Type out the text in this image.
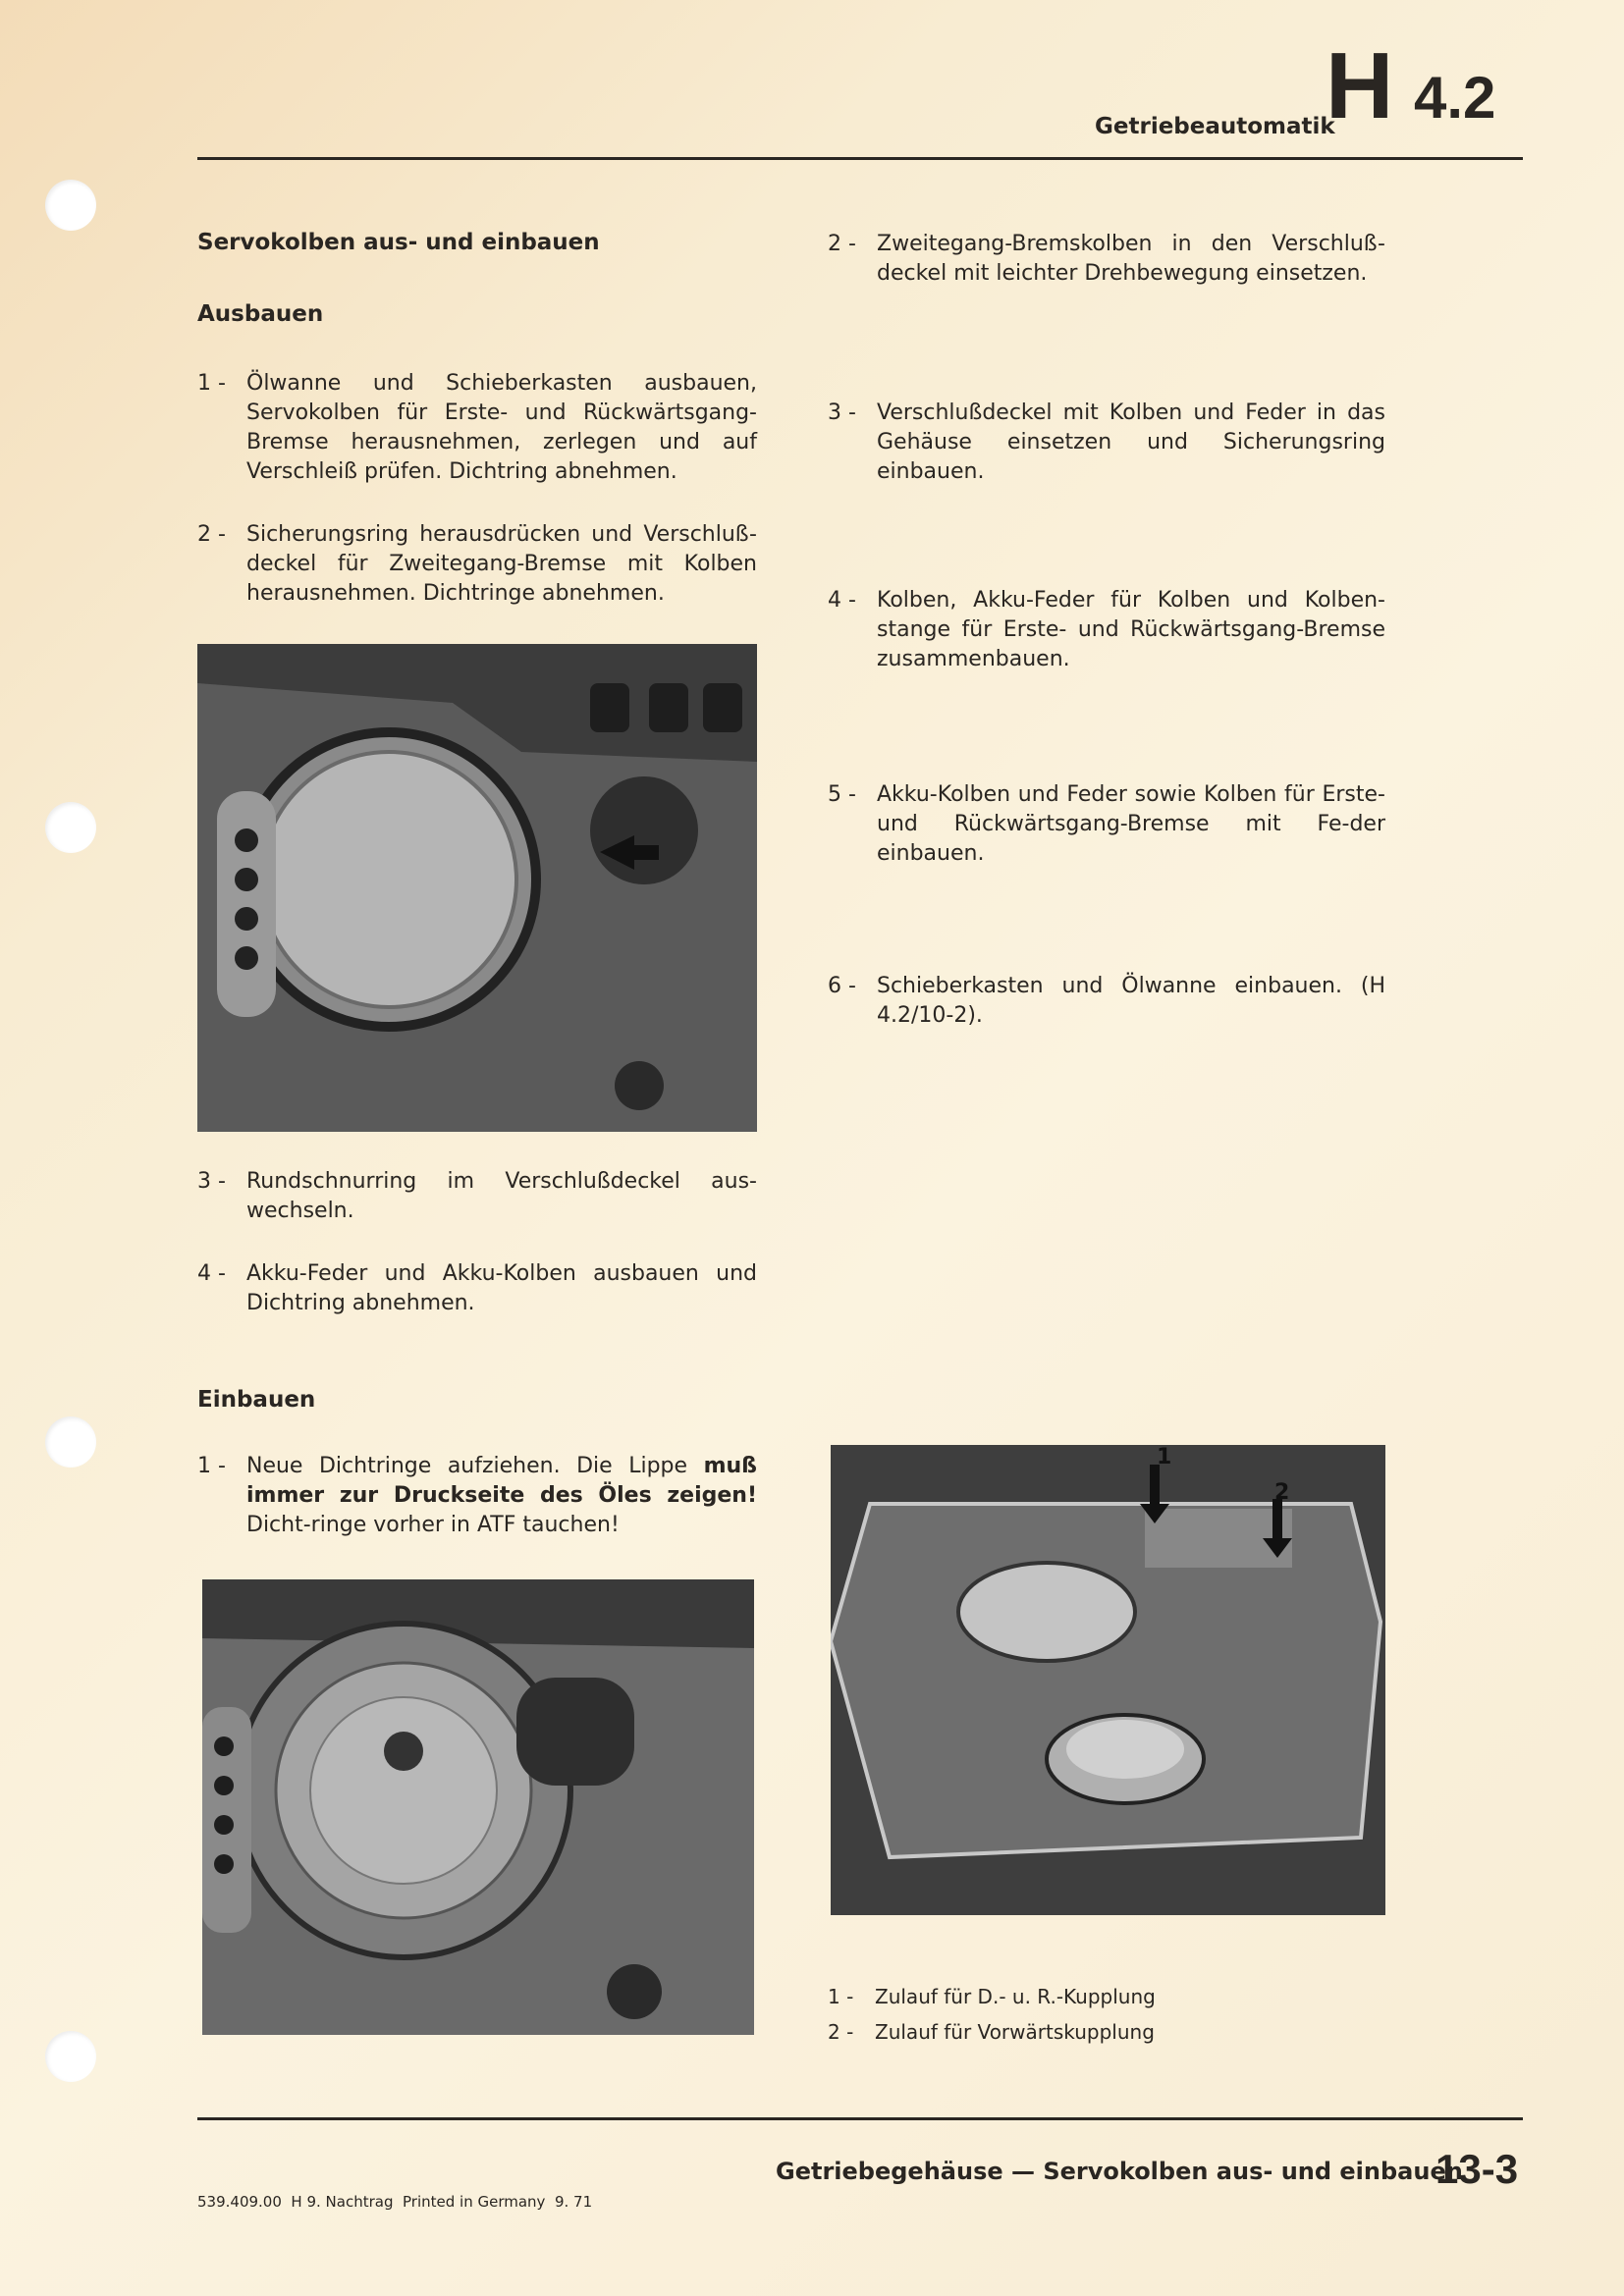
Getriebeautomatik
H 4.2
Servokolben aus- und einbauen
Ausbauen
1 - Ölwanne und Schieberkasten ausbauen, Servokolben für Erste- und Rückwärtsgang-Bremse herausnehmen, zerlegen und auf Verschleiß prüfen. Dichtring abnehmen.
2 - Sicherungsring herausdrücken und Verschluß-deckel für Zweitegang-Bremse mit Kolben herausnehmen. Dichtringe abnehmen.
3 - Rundschnurring im Verschlußdeckel aus-wechseln.
4 - Akku-Feder und Akku-Kolben ausbauen und Dichtring abnehmen.
Einbauen
1 - Neue Dichtringe aufziehen. Die Lippe muß immer zur Druckseite des Öles zeigen! Dicht-ringe vorher in ATF tauchen!
2 - Zweitegang-Bremskolben in den Verschluß-deckel mit leichter Drehbewegung einsetzen.
3 - Verschlußdeckel mit Kolben und Feder in das Gehäuse einsetzen und Sicherungsring einbauen.
4 - Kolben, Akku-Feder für Kolben und Kolben-stange für Erste- und Rückwärtsgang-Bremse zusammenbauen.
5 - Akku-Kolben und Feder sowie Kolben für Erste- und Rückwärtsgang-Bremse mit Fe-der einbauen.
6 - Schieberkasten und Ölwanne einbauen. (H 4.2/10-2).
1
2
1 -	Zulauf für D.- u. R.-Kupplung
2 -	Zulauf für Vorwärtskupplung
Getriebegehäuse — Servokolben aus- und einbauen
13-3
539.409.00  H 9. Nachtrag  Printed in Germany  9. 71
